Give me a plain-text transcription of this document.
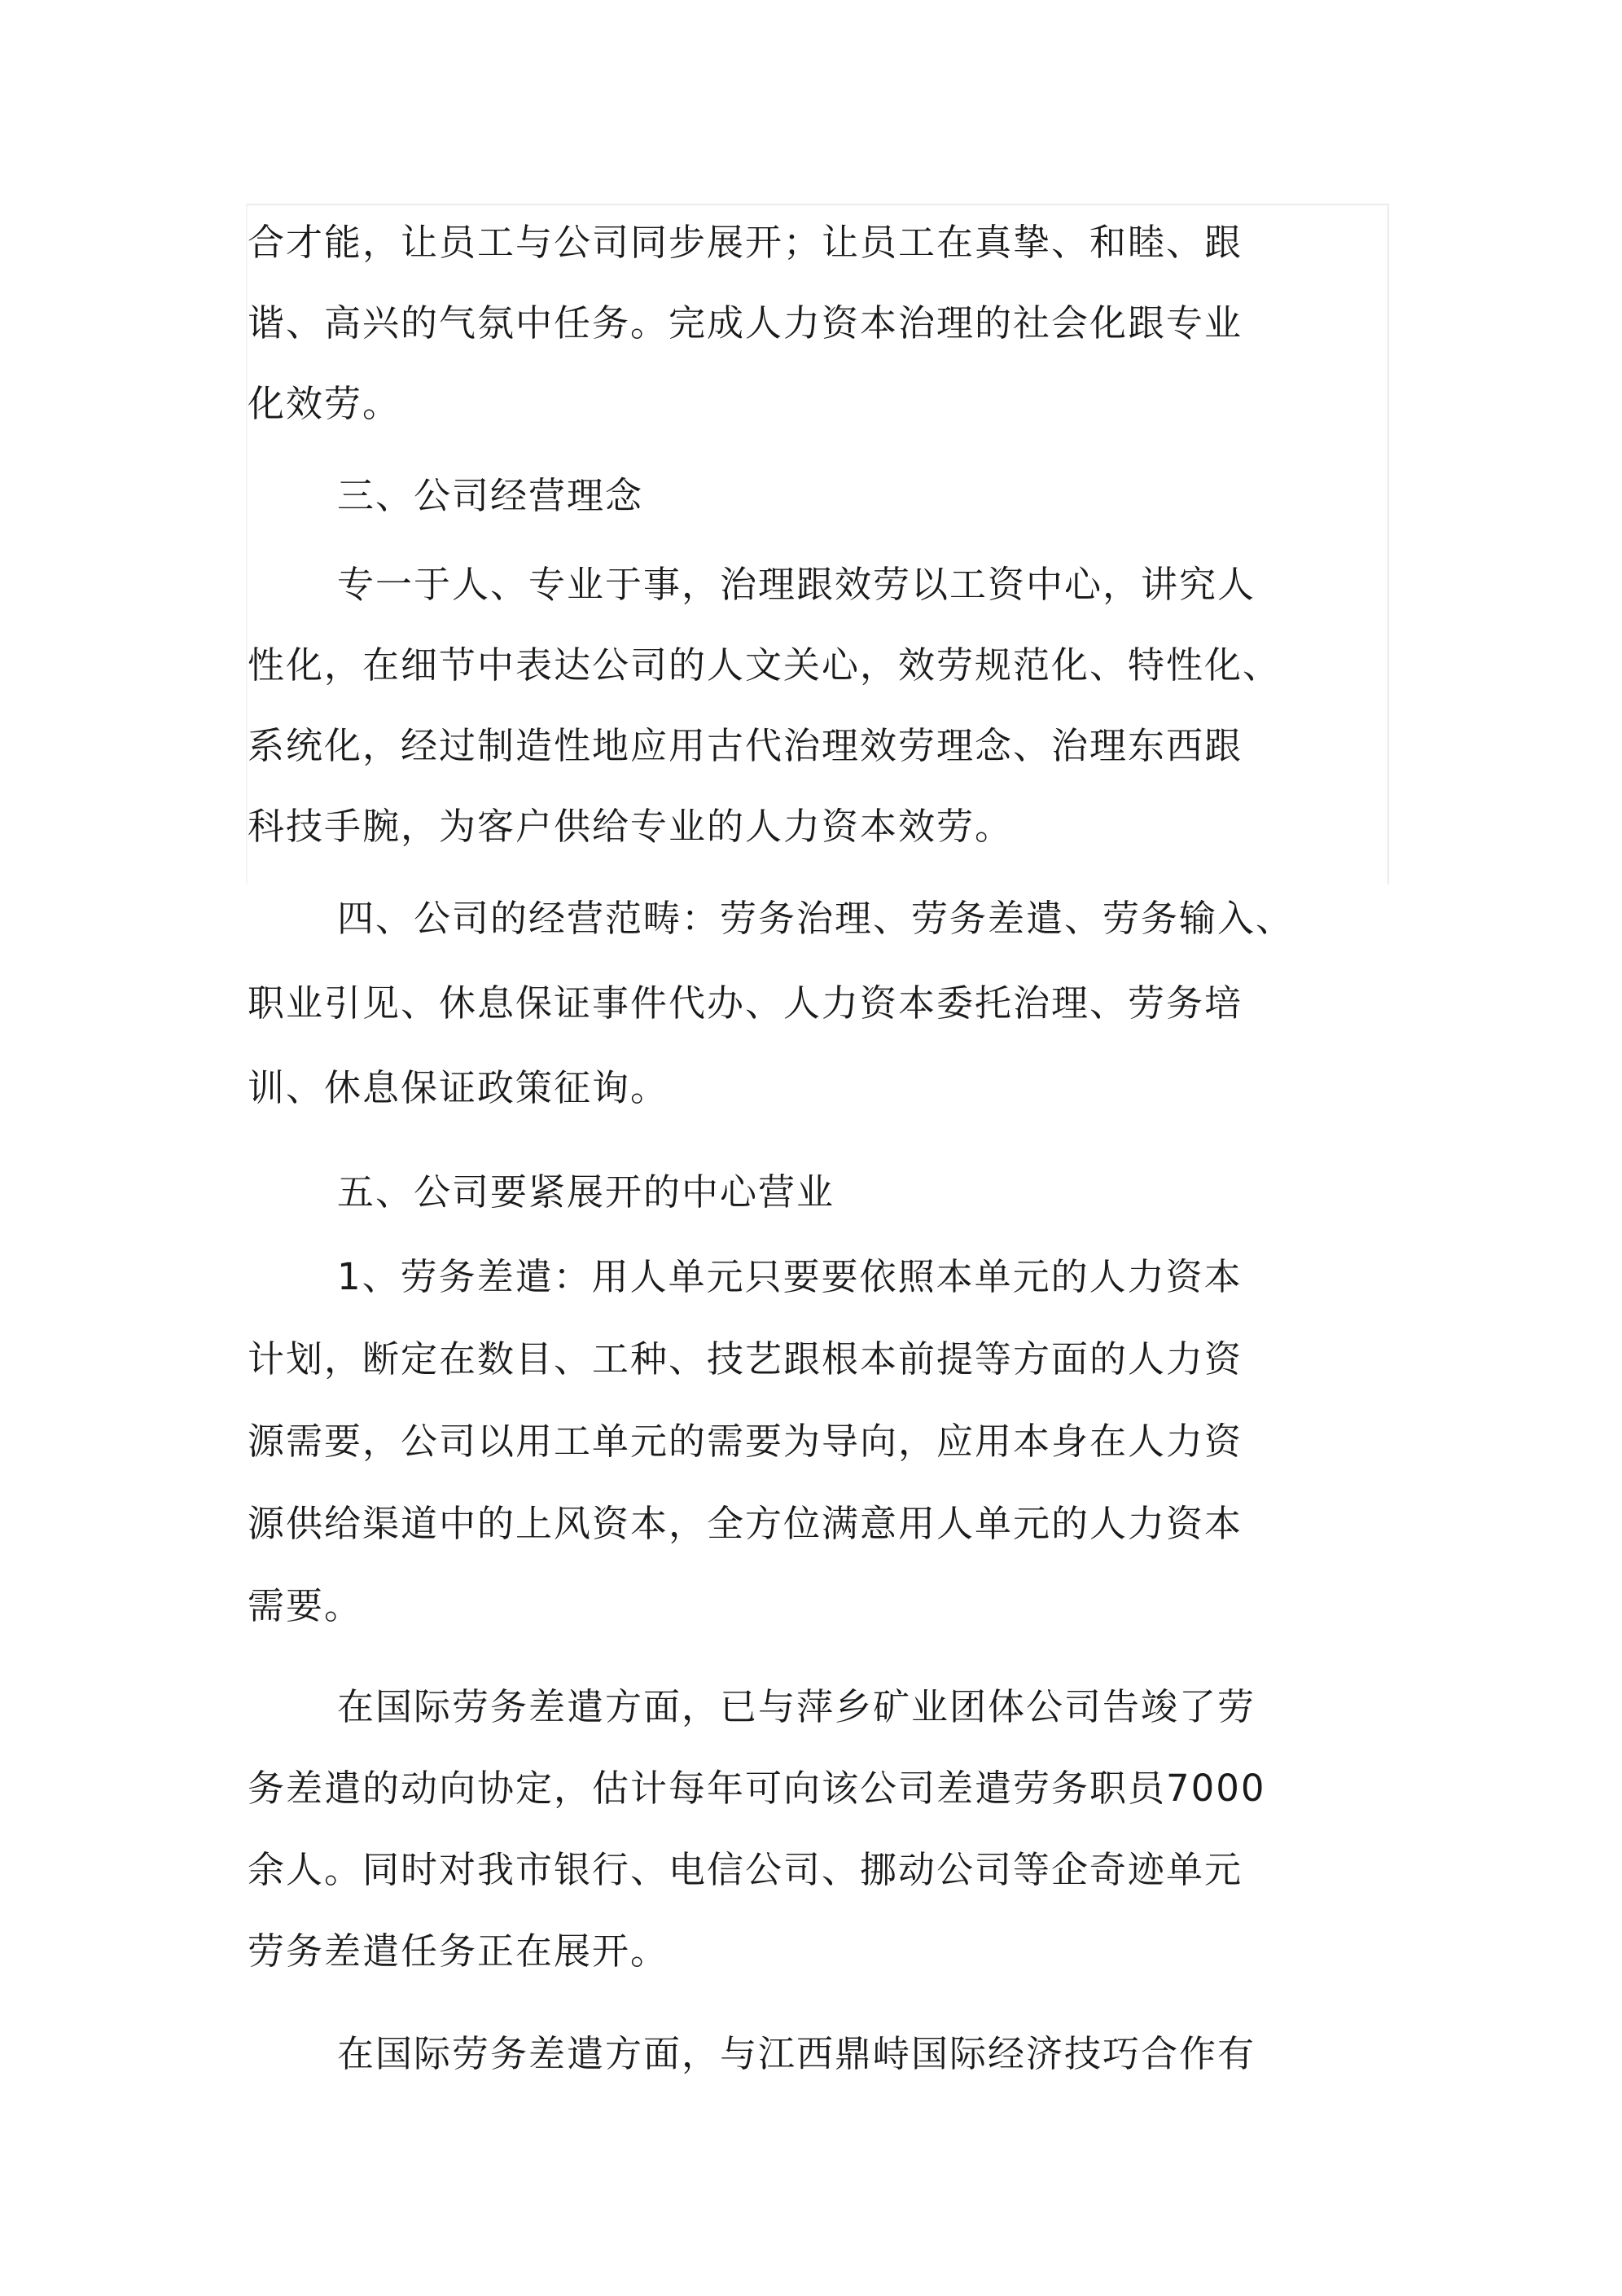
合才能，让员工与公司同步展开；让员工在真挚、和睦、跟
谐、高兴的气氛中任务。完成人力资本治理的社会化跟专业
化效劳。
三、公司经营理念
专一于人、专业于事，治理跟效劳以工资中心，讲究人
性化，在细节中表达公司的人文关心，效劳规范化、特性化、
系统化，经过制造性地应用古代治理效劳理念、治理东西跟
科技手腕，为客户供给专业的人力资本效劳。
四、公司的经营范畴：劳务治理、劳务差遣、劳务输入、
职业引见、休息保证事件代办、人力资本委托治理、劳务培
训、休息保证政策征询。
五、公司要紧展开的中心营业
1、劳务差遣：用人单元只要要依照本单元的人力资本
计划，断定在数目、工种、技艺跟根本前提等方面的人力资
源需要，公司以用工单元的需要为导向，应用本身在人力资
源供给渠道中的上风资本，全方位满意用人单元的人力资本
需要。
在国际劳务差遣方面，已与萍乡矿业团体公司告竣了劳
务差遣的动向协定，估计每年可向该公司差遣劳务职员7000
余人。同时对我市银行、电信公司、挪动公司等企奇迹单元
劳务差遣任务正在展开。
在国际劳务差遣方面，与江西鼎峙国际经济技巧合作有
